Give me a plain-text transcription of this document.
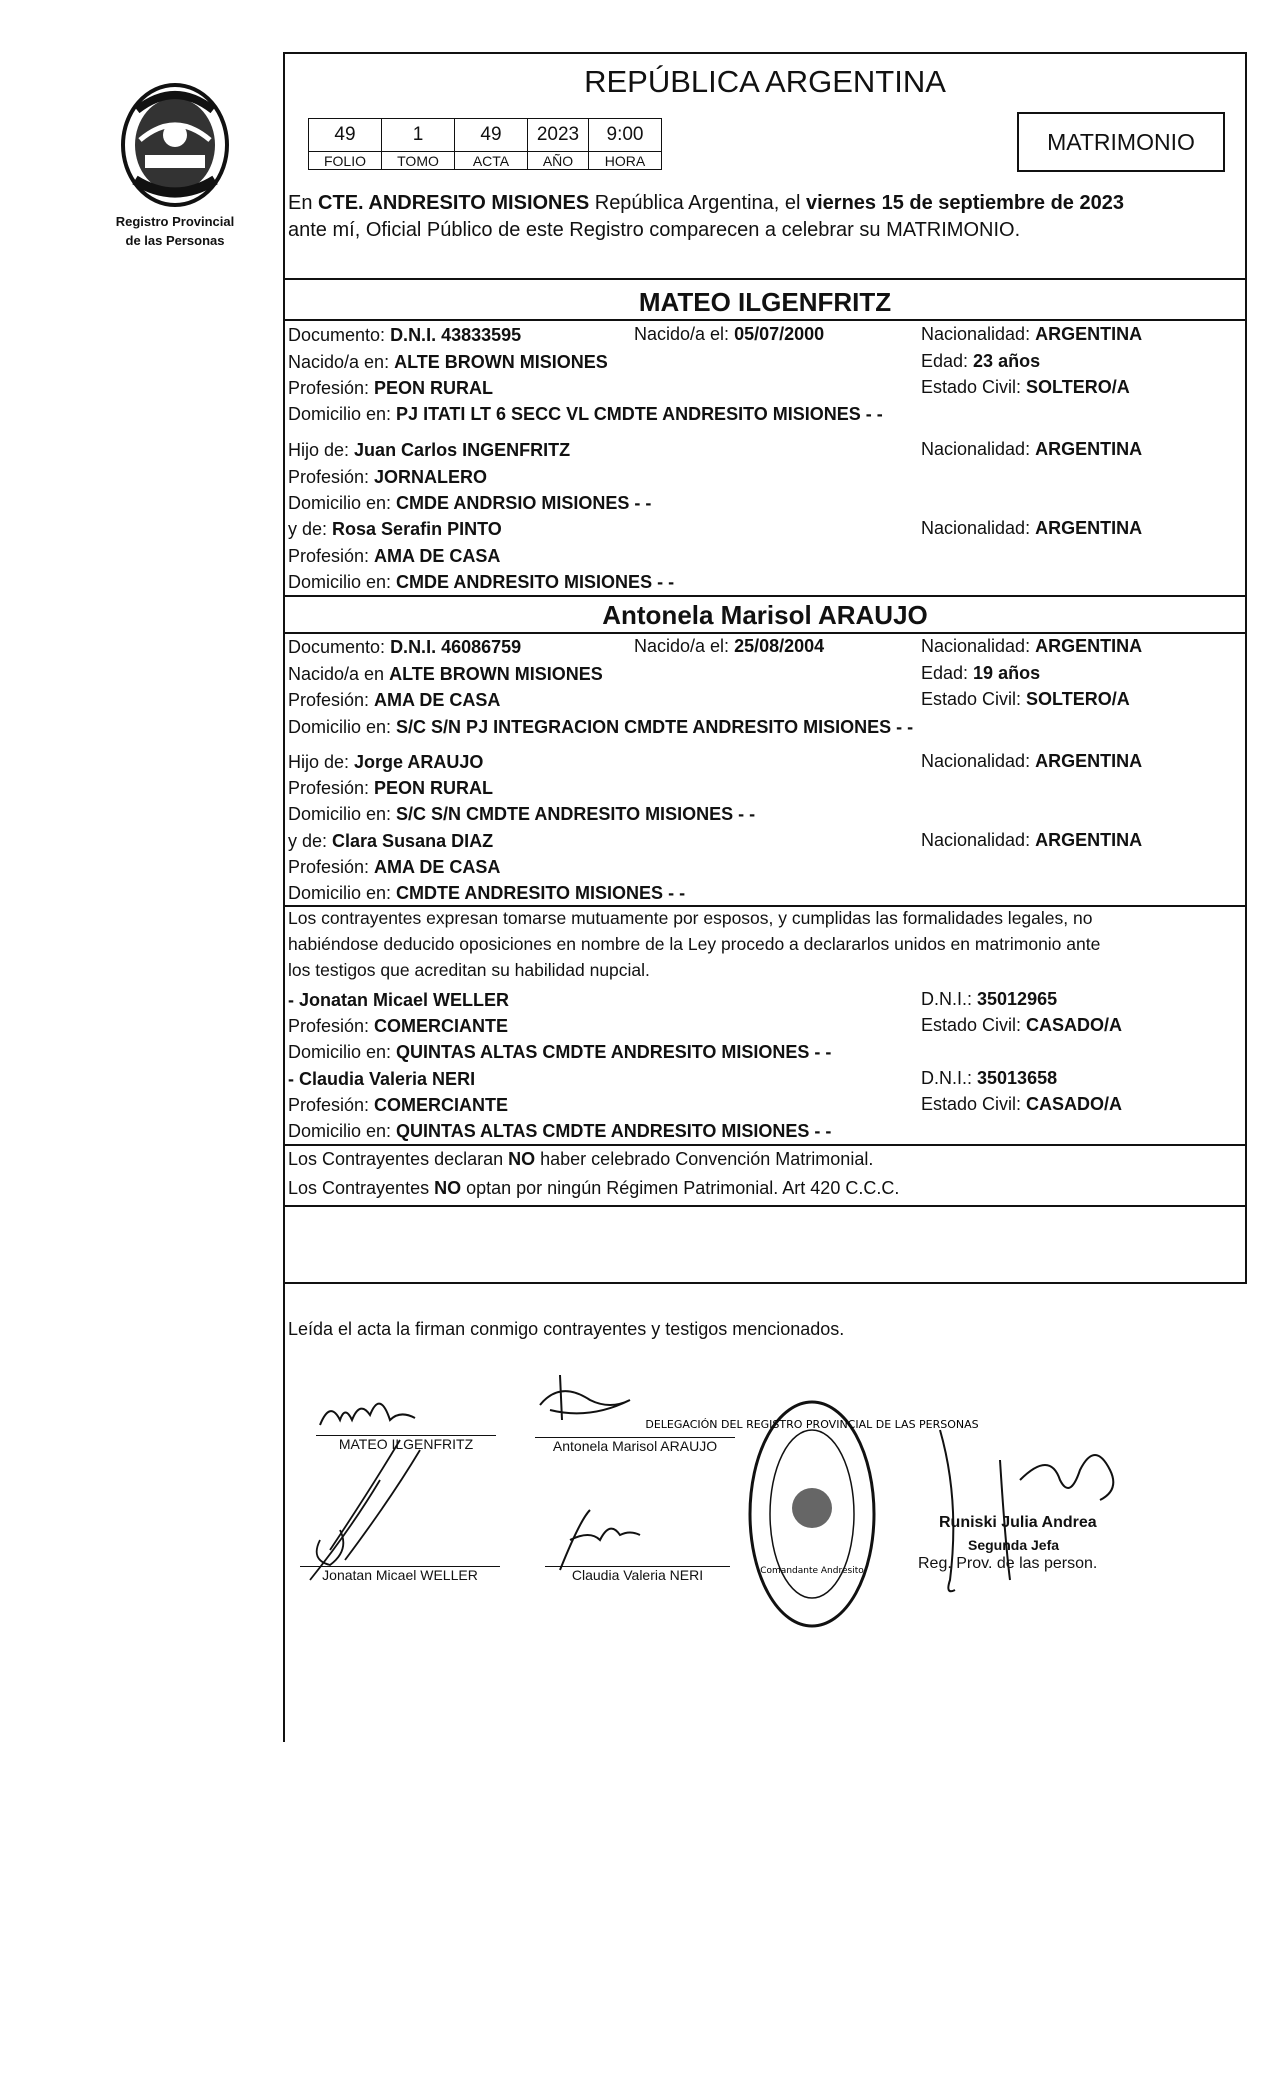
Registro Provincial
de las Personas
REPÚBLICA ARGENTINA
49	1	49	2023	9:00
FOLIO	TOMO	ACTA	AÑO	HORA
MATRIMONIO
En CTE. ANDRESITO MISIONES República Argentina, el viernes 15 de septiembre de 2023
ante mí, Oficial Público de este Registro comparecen a celebrar su MATRIMONIO.
MATEO ILGENFRITZ
Documento: D.N.I. 43833595	Nacido/a el: 05/07/2000	Nacionalidad: ARGENTINA
Nacido/a en: ALTE BROWN MISIONES	Edad: 23 años
Profesión: PEON RURAL	Estado Civil: SOLTERO/A
Domicilio en: PJ ITATI LT 6 SECC VL CMDTE ANDRESITO MISIONES - -
Hijo de: Juan Carlos INGENFRITZ	Nacionalidad: ARGENTINA
Profesión: JORNALERO
Domicilio en: CMDE ANDRSIO MISIONES - -
y de: Rosa Serafin PINTO	Nacionalidad: ARGENTINA
Profesión: AMA DE CASA
Domicilio en: CMDE ANDRESITO MISIONES - -
Antonela Marisol ARAUJO
Documento: D.N.I. 46086759	Nacido/a el: 25/08/2004	Nacionalidad: ARGENTINA
Nacido/a en ALTE BROWN MISIONES	Edad: 19 años
Profesión: AMA DE CASA	Estado Civil: SOLTERO/A
Domicilio en: S/C S/N PJ INTEGRACION CMDTE ANDRESITO MISIONES - -
Hijo de: Jorge ARAUJO	Nacionalidad: ARGENTINA
Profesión: PEON RURAL
Domicilio en: S/C S/N CMDTE ANDRESITO MISIONES - -
y de: Clara Susana DIAZ	Nacionalidad: ARGENTINA
Profesión: AMA DE CASA
Domicilio en: CMDTE ANDRESITO MISIONES - -
Los contrayentes expresan tomarse mutuamente por esposos, y cumplidas las formalidades legales, no
habiéndose deducido oposiciones en nombre de la Ley procedo a declararlos unidos en matrimonio ante
los testigos que acreditan su habilidad nupcial.
- Jonatan Micael WELLER	D.N.I.: 35012965
Profesión: COMERCIANTE	Estado Civil: CASADO/A
Domicilio en: QUINTAS ALTAS CMDTE ANDRESITO MISIONES - -
- Claudia Valeria NERI	D.N.I.: 35013658
Profesión: COMERCIANTE	Estado Civil: CASADO/A
Domicilio en: QUINTAS ALTAS CMDTE ANDRESITO MISIONES - -
Los Contrayentes declaran NO haber celebrado Convención Matrimonial.
Los Contrayentes NO optan por ningún Régimen Patrimonial. Art 420 C.C.C.
Leída el acta la firman conmigo contrayentes y testigos mencionados.
MATEO ILGENFRITZ	Antonela Marisol ARAUJO
Jonatan Micael WELLER	Claudia Valeria NERI
DELEGACIÓN DEL REGISTRO PROVINCIAL DE LAS PERSONAS
Comandante Andresito
Runiski Julia Andrea
Segunda Jefa
Reg. Prov. de las person.
